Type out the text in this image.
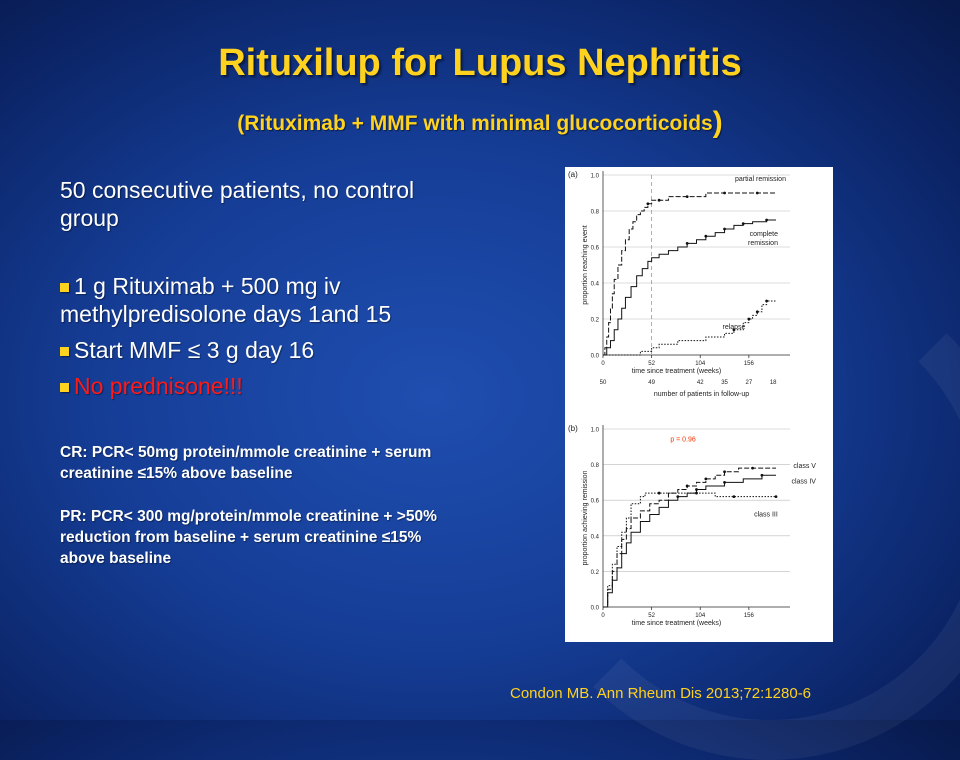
Rituxilup for Lupus Nephritis
(Rituximab + MMF with minimal glucocorticoids)

50 consecutive patients, no control group

1 g Rituximab + 500 mg iv methylpredisolone days 1and 15
Start MMF ≤ 3 g day 16
No prednisone!!!

CR: PCR< 50mg protein/mmole creatinine + serum creatinine ≤15% above baseline

PR: PCR< 300 mg/protein/mmole creatinine + >50% reduction from baseline + serum creatinine ≤15% above baseline

(a)
0.0
0.2
0.4
0.6
0.8
1.0
0	52	104	156
time since treatment (weeks)
proportion reaching event
partial remission
complete
remission
relapse
50	49	42	35	27	18
number of patients in follow-up
(b)
0.0
0.2
0.4
0.6
0.8
1.0
0	52	104	156
time since treatment (weeks)
proportion achieving remission
class V
class IV
class III
p = 0.96
Condon MB. Ann Rheum Dis 2013;72:1280-6
